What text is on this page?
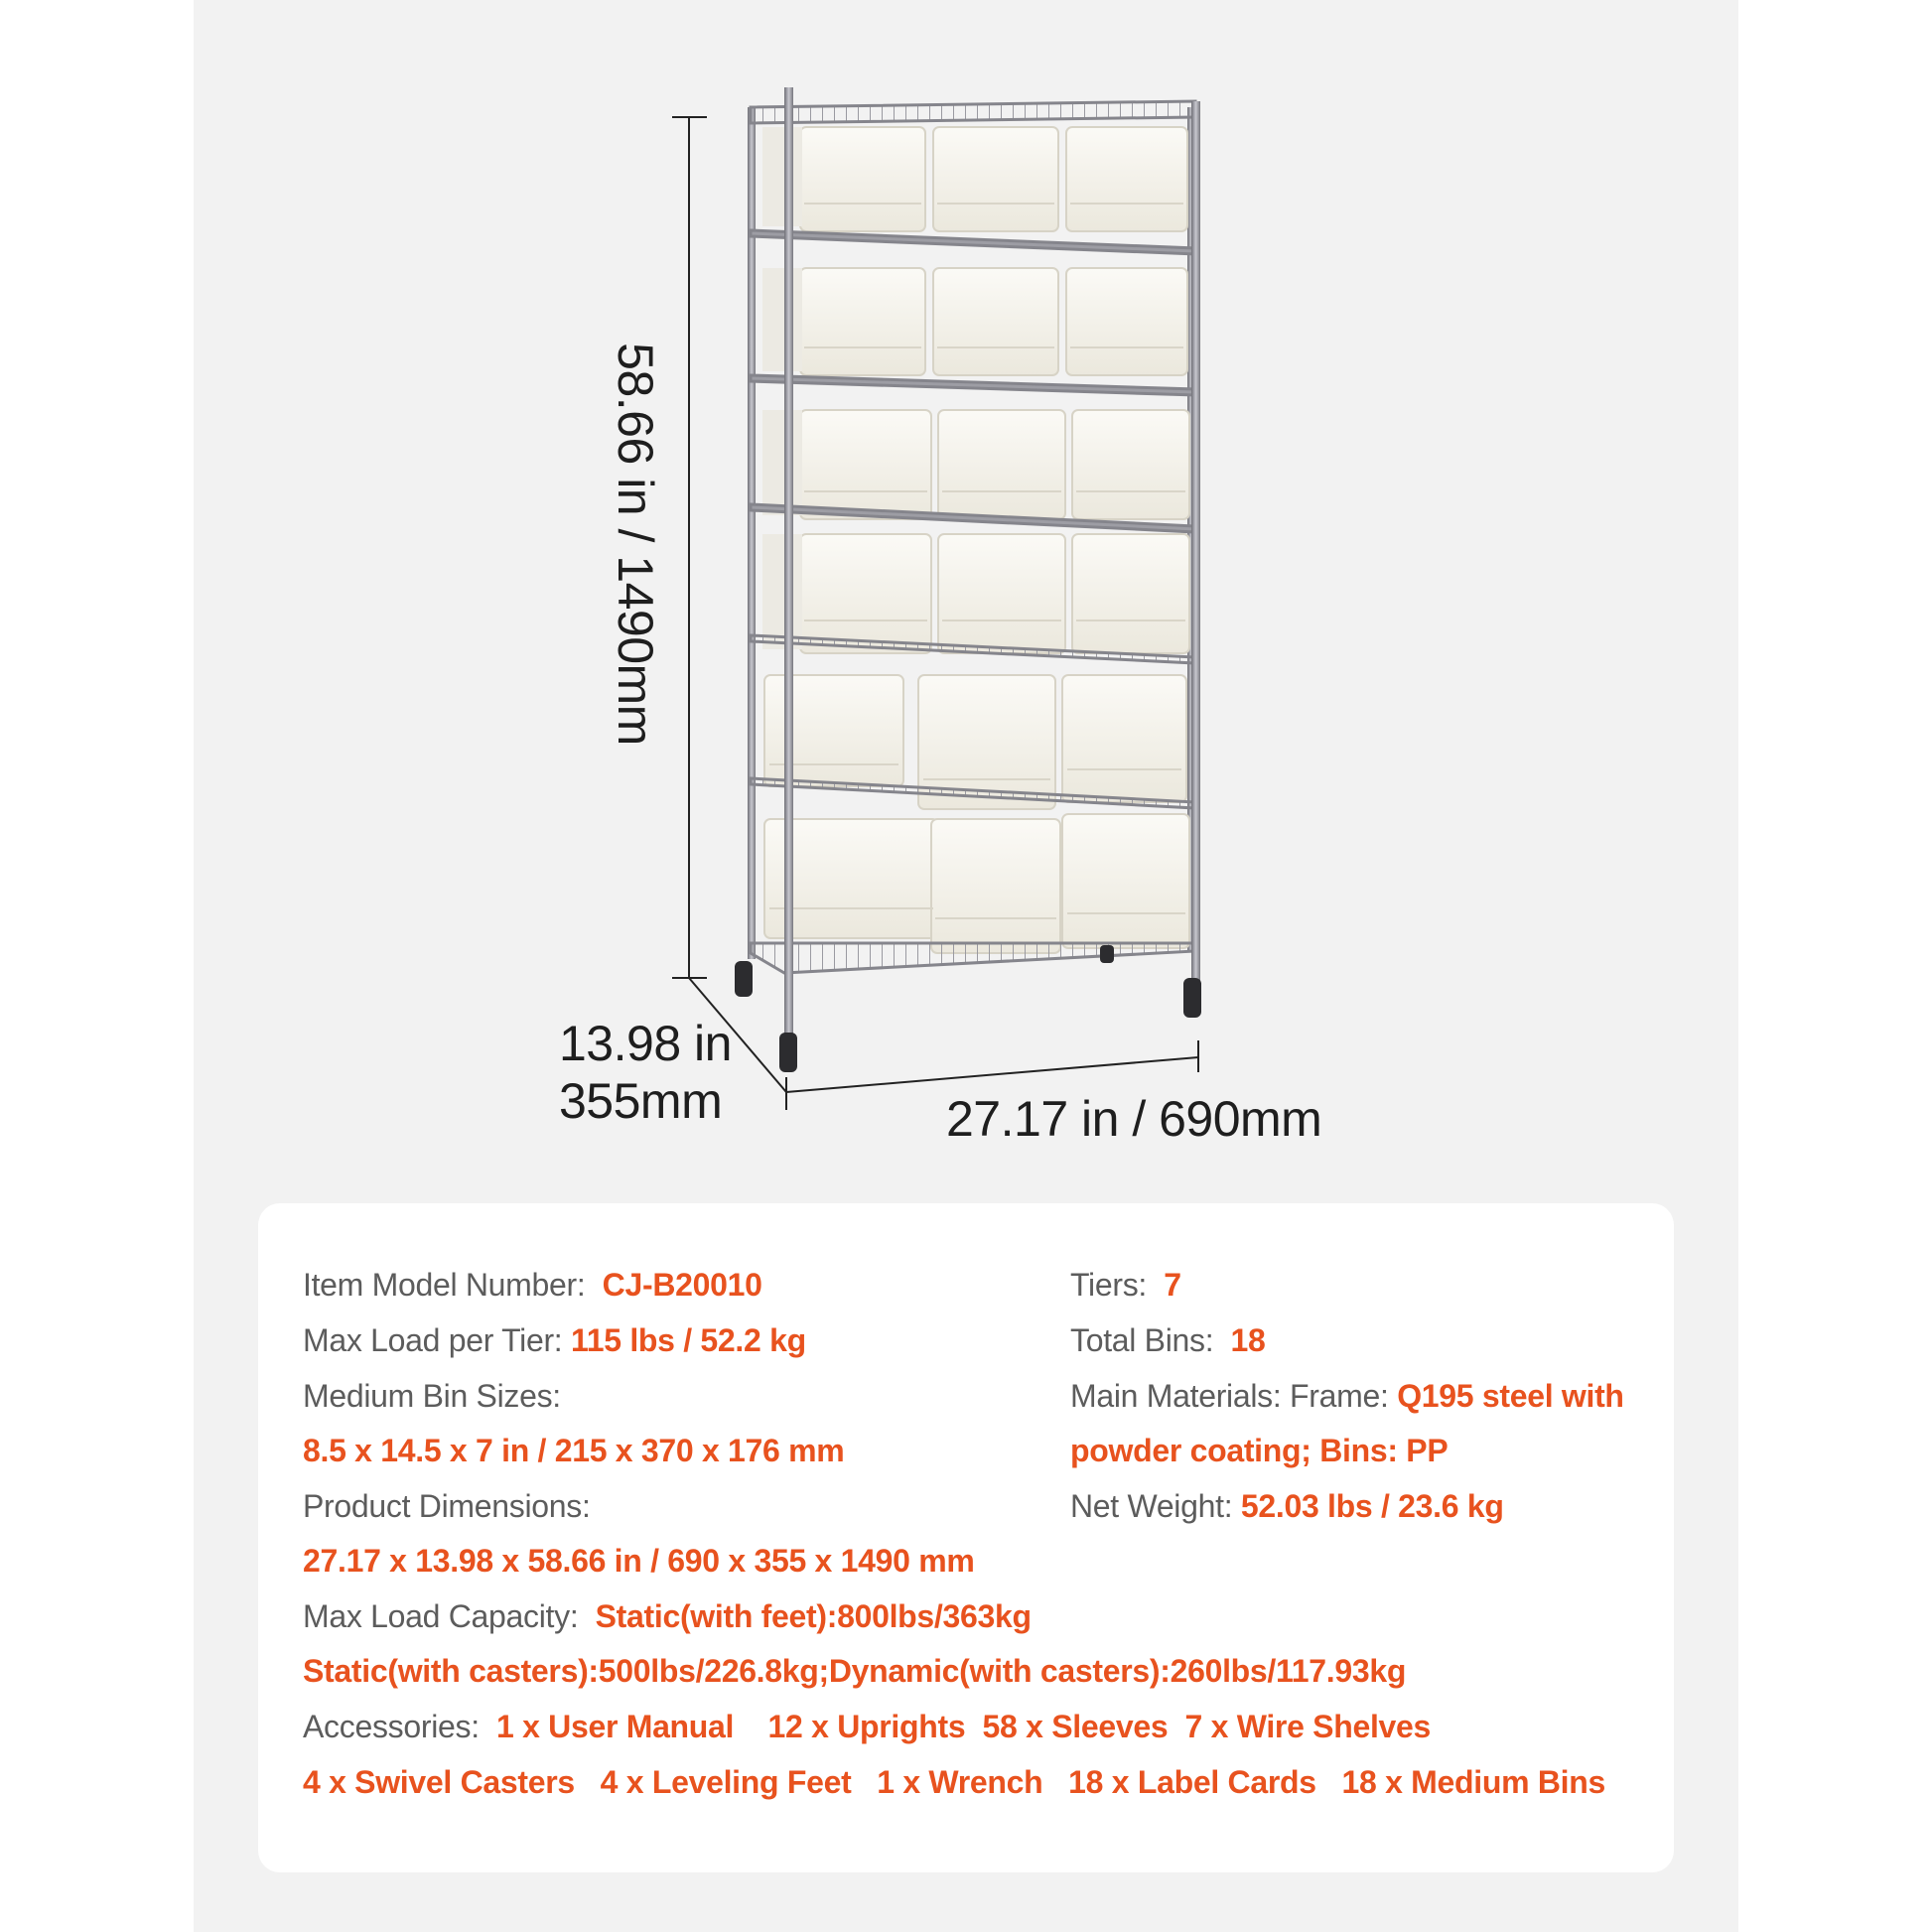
58.66 in / 1490mm
13.98 in
355mm	27.17 in / 690mm
Item Model Number: CJ-B20010
Max Load per Tier: 115 lbs / 52.2 kg
Medium Bin Sizes:
8.5 x 14.5 x 7 in / 215 x 370 x 176 mm
Product Dimensions:
27.17 x 13.98 x 58.66 in / 690 x 355 x 1490 mm
Max Load Capacity: Static(with feet):800lbs/363kg
Static(with casters):500lbs/226.8kg;Dynamic(with casters):260lbs/117.93kg
Accessories: 1 x User Manual 12 x Uprights 58 x Sleeves 7 x Wire Shelves
4 x Swivel Casters 4 x Leveling Feet 1 x Wrench 18 x Label Cards 18 x Medium Bins
Tiers: 7
Total Bins: 18
Main Materials: Frame: Q195 steel with
powder coating; Bins: PP
Net Weight: 52.03 lbs / 23.6 kg
